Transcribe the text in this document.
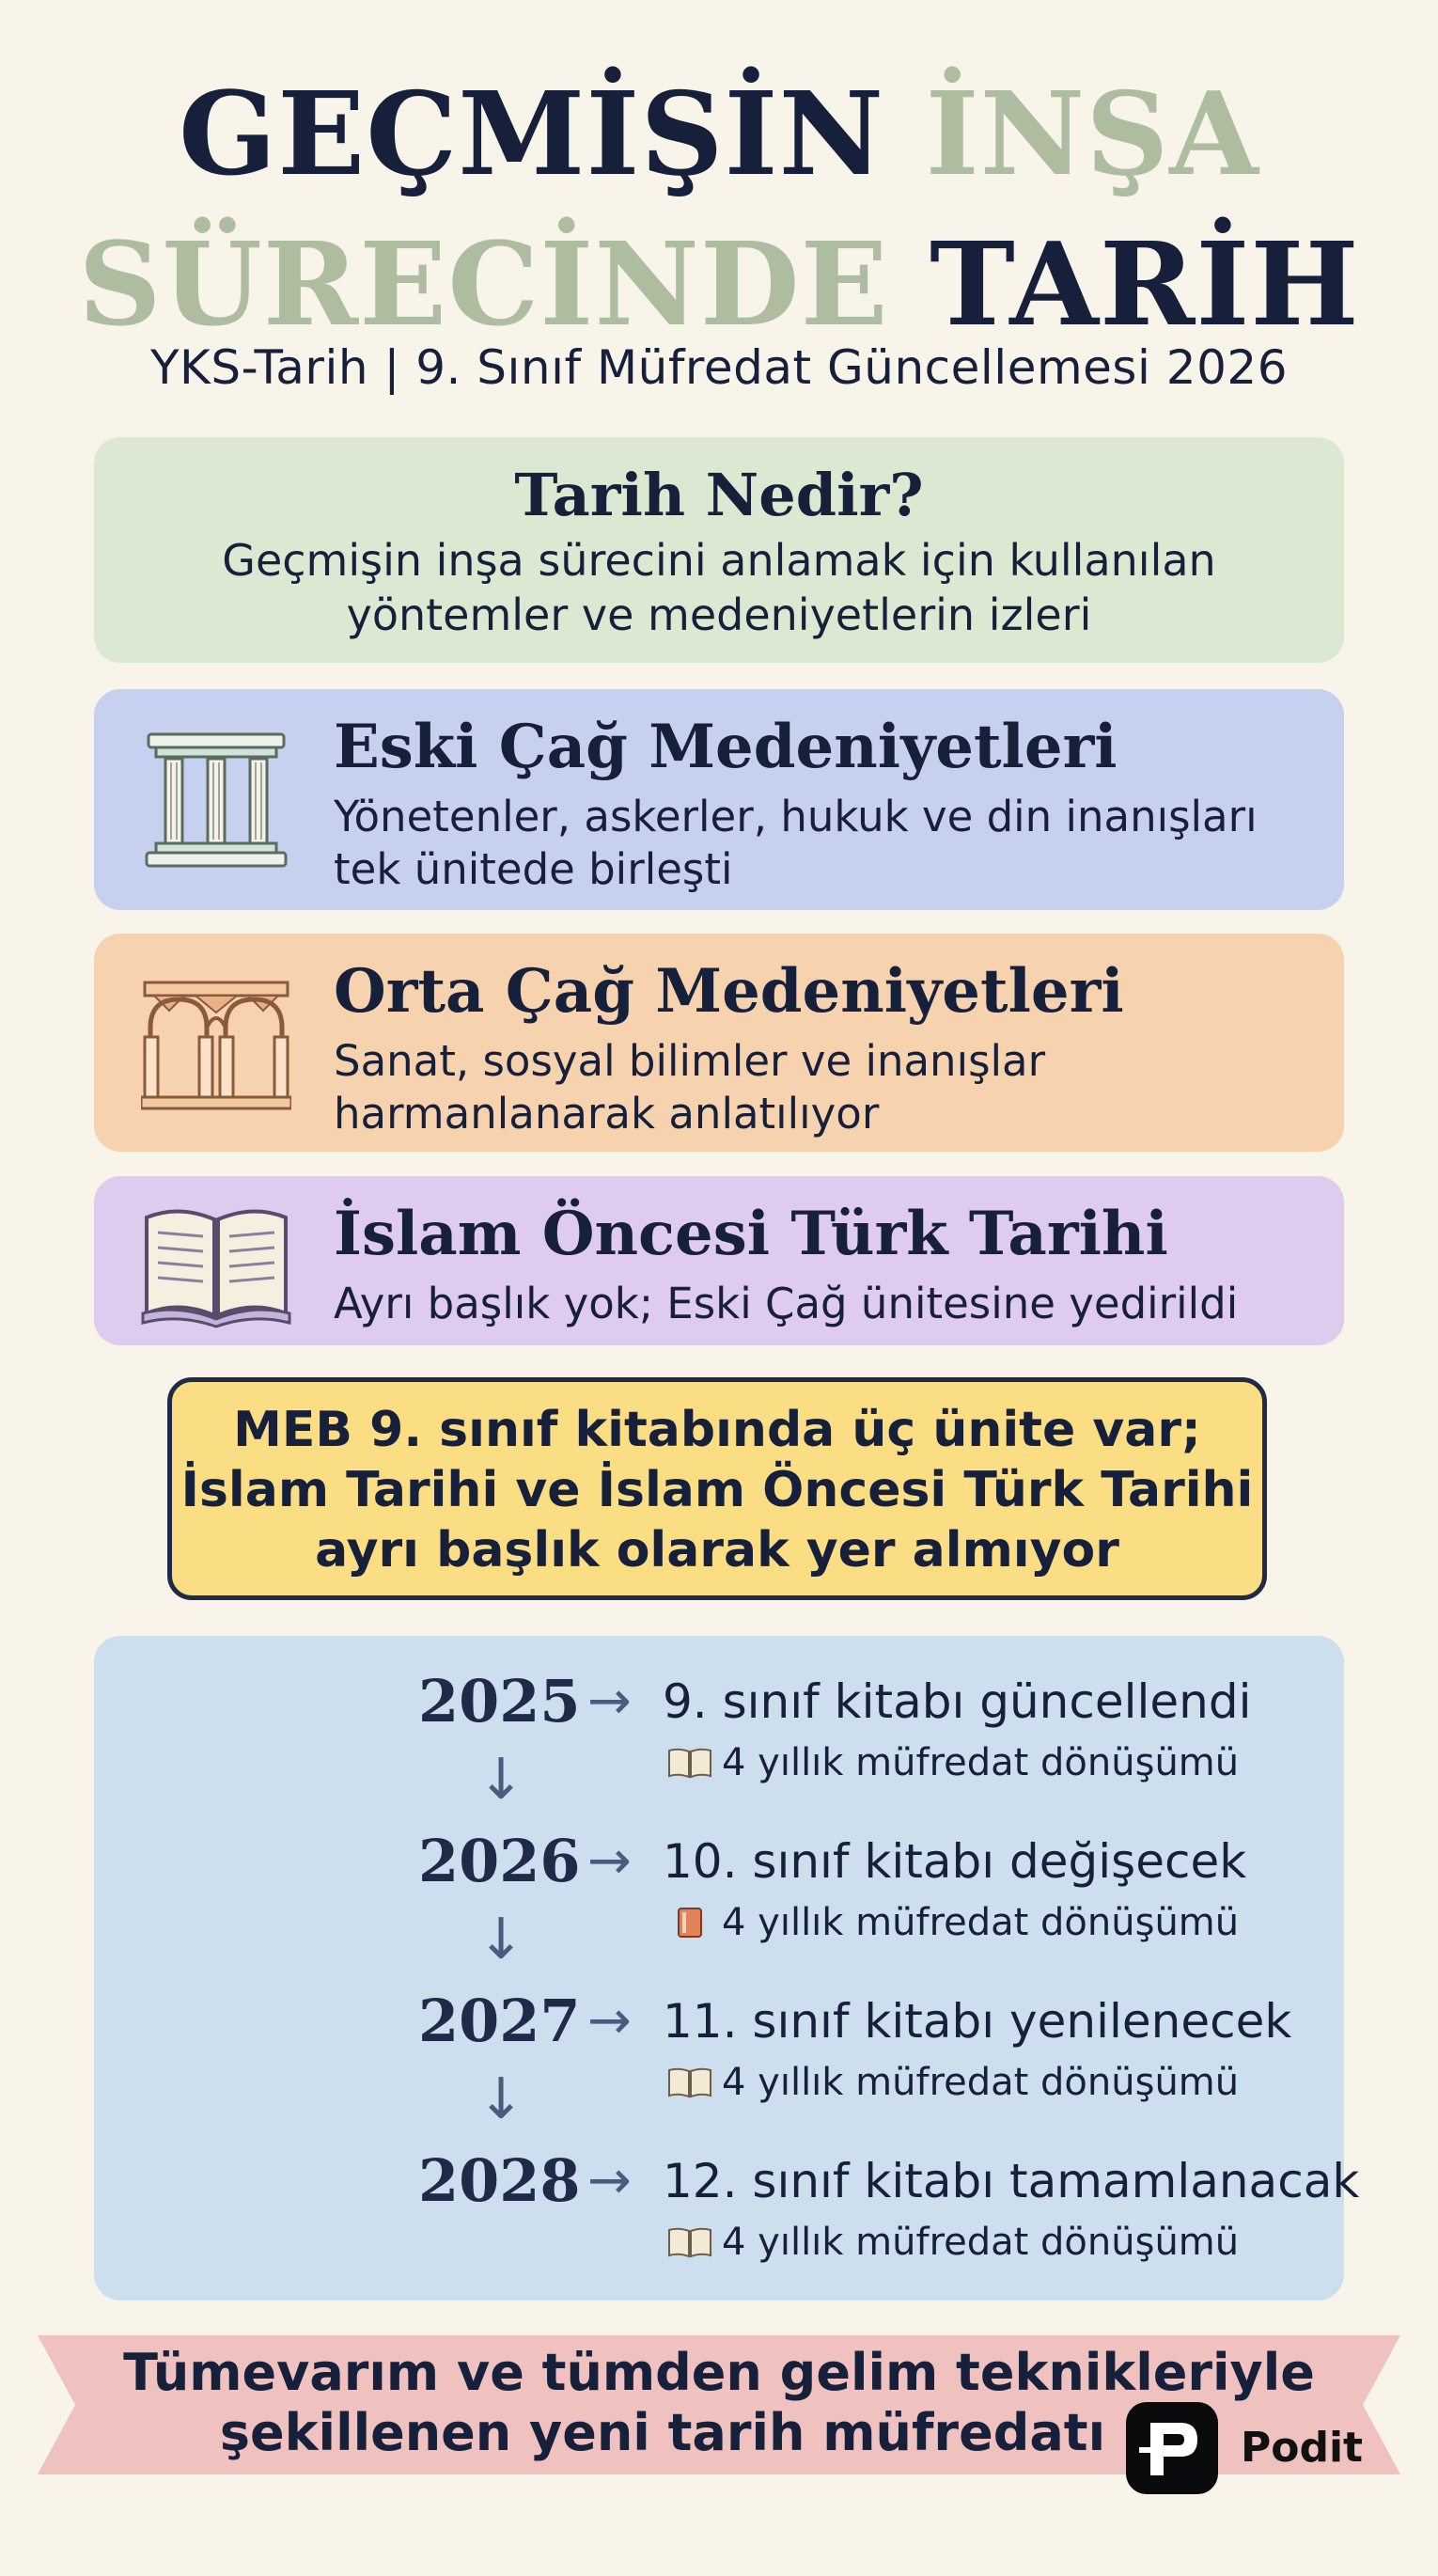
GEÇMİŞİN İNŞA
SÜRECİNDE TARİH
YKS-Tarih | 9. Sınıf Müfredat Güncellemesi 2026
Tarih Nedir?
Geçmişin inşa sürecini anlamak için kullanılan yöntemler ve medeniyetlerin izleri
Eski Çağ Medeniyetleri
Yönetenler, askerler, hukuk ve din inanışları tek ünitede birleşti
Orta Çağ Medeniyetleri
Sanat, sosyal bilimler ve inanışlar harmanlanarak anlatılıyor
İslam Öncesi Türk Tarihi
Ayrı başlık yok; Eski Çağ ünitesine yedirildi
MEB 9. sınıf kitabında üç ünite var;
İslam Tarihi ve İslam Öncesi Türk Tarihi
ayrı başlık olarak yer almıyor
2025 → 9. sınıf kitabı güncellendi
4 yıllık müfredat dönüşümü
↓
2026 → 10. sınıf kitabı değişecek
4 yıllık müfredat dönüşümü
↓
2027 → 11. sınıf kitabı yenilenecek
4 yıllık müfredat dönüşümü
↓
2028 → 12. sınıf kitabı tamamlanacak
4 yıllık müfredat dönüşümü
Tümevarım ve tümden gelim teknikleriyle
şekillenen yeni tarih müfredatı	Podit
